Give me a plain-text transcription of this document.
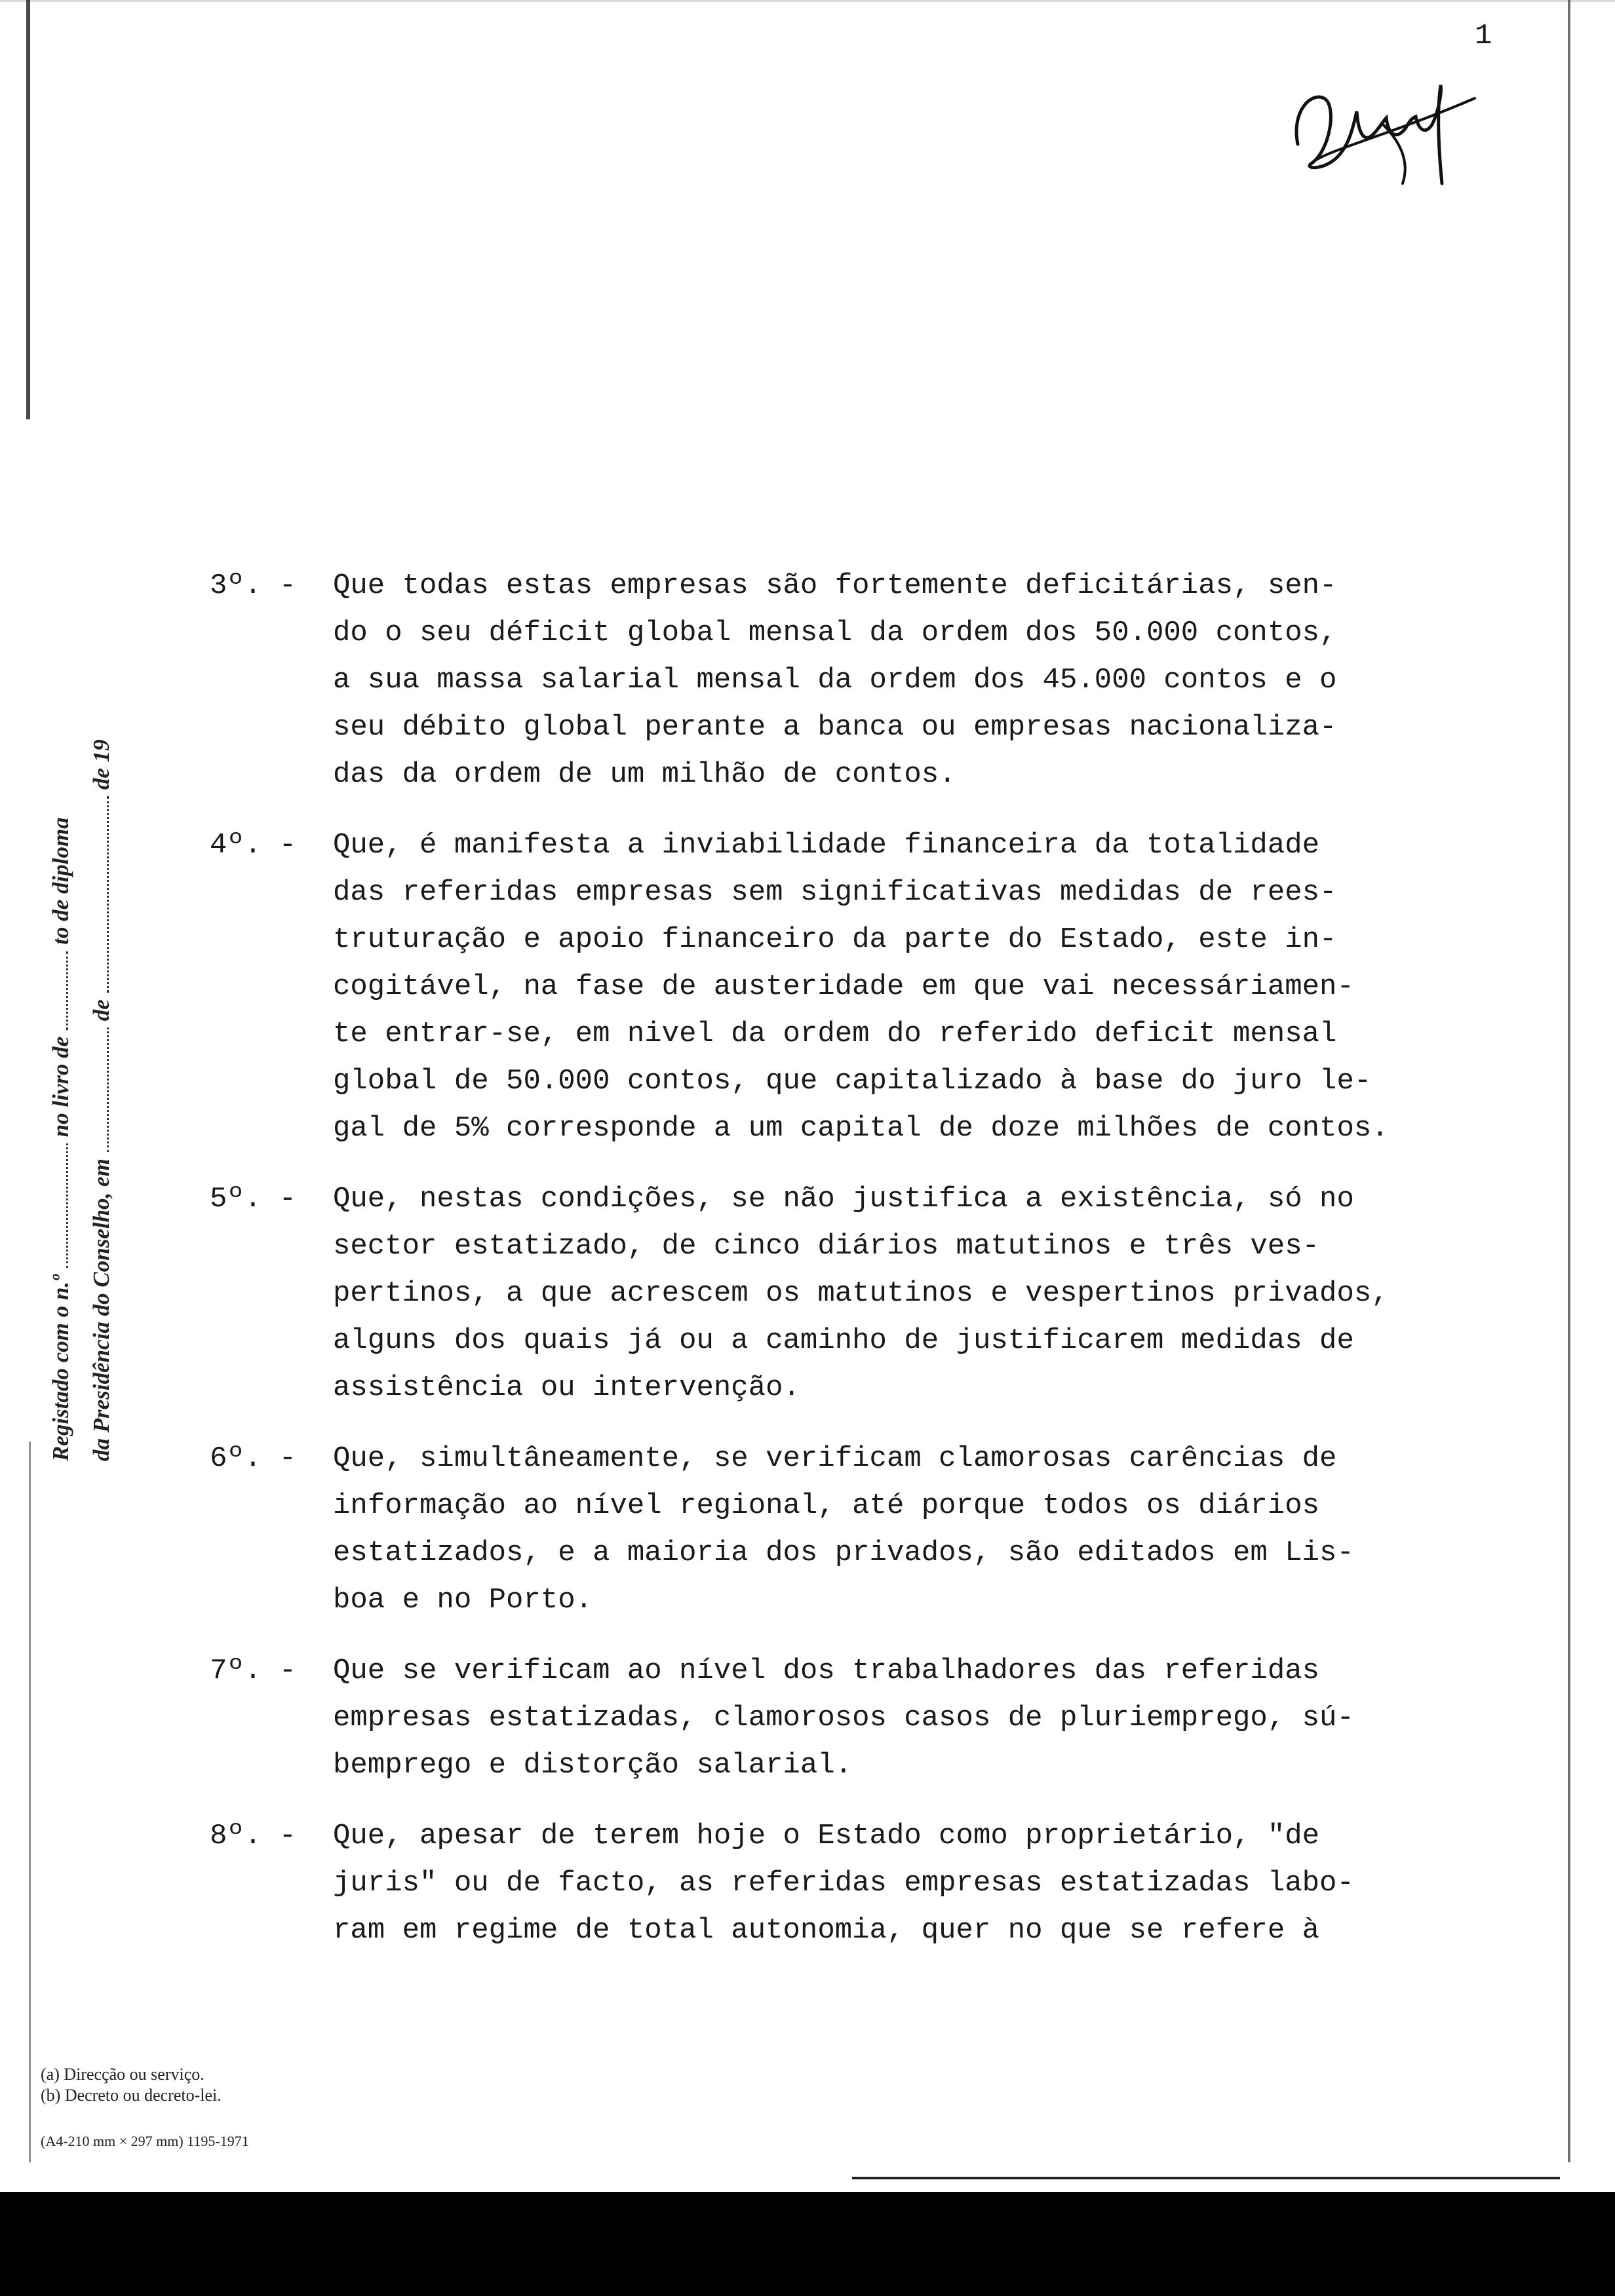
1
Registado com o n.ºno livro deto de diploma
da Presidência do Conselho, emdede 19
3º. -	Que todas estas empresas são fortemente deficitárias, sen-
do o seu déficit global mensal da ordem dos 50.000 contos,
a sua massa salarial mensal da ordem dos 45.000 contos e o
seu débito global perante a banca ou empresas nacionaliza-
das da ordem de um milhão de contos.
4º. -	Que, é manifesta a inviabilidade financeira da totalidade
das referidas empresas sem significativas medidas de rees-
truturação e apoio financeiro da parte do Estado, este in-
cogitável, na fase de austeridade em que vai necessáriamen-
te entrar-se, em nivel da ordem do referido deficit mensal
global de 50.000 contos, que capitalizado à base do juro le-
gal de 5% corresponde a um capital de doze milhões de contos.
5º. -	Que, nestas condições, se não justifica a existência, só no
sector estatizado, de cinco diários matutinos e três ves-
pertinos, a que acrescem os matutinos e vespertinos privados,
alguns dos quais já ou a caminho de justificarem medidas de
assistência ou intervenção.
6º. -	Que, simultâneamente, se verificam clamorosas carências de
informação ao nível regional, até porque todos os diários
estatizados, e a maioria dos privados, são editados em Lis-
boa e no Porto.
7º. -	Que se verificam ao nível dos trabalhadores das referidas
empresas estatizadas, clamorosos casos de pluriemprego, sú-
bemprego e distorção salarial.
8º. -	Que, apesar de terem hoje o Estado como proprietário, "de
juris" ou de facto, as referidas empresas estatizadas labo-
ram em regime de total autonomia, quer no que se refere à
(a) Direcção ou serviço.
(b) Decreto ou decreto-lei.
(A4-210 mm × 297 mm) 1195-1971
